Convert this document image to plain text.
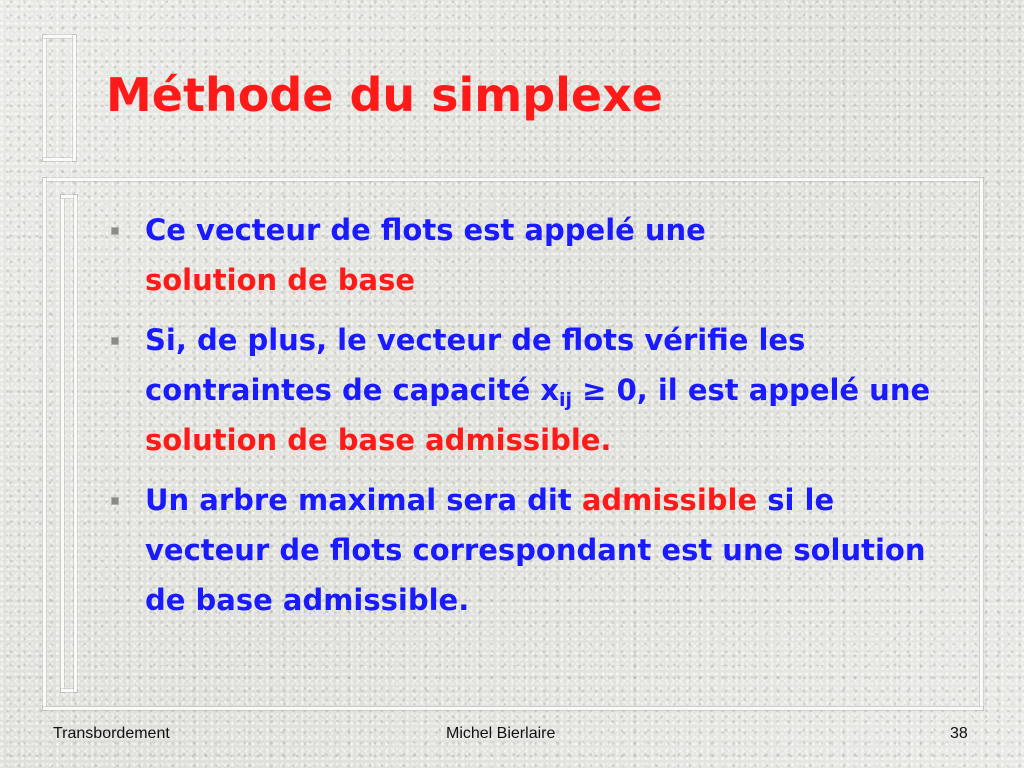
Méthode du simplexe
Ce vecteur de flots est appelé une
solution de base
Si, de plus, le vecteur de flots vérifie les contraintes de capacité $x_{ij} \ge 0$, il est appelé une solution de base admissible.
Un arbre maximal sera dit admissible si le vecteur de flots correspondant est une solution de base admissible.

Transbordement	Michel Bierlaire	38
